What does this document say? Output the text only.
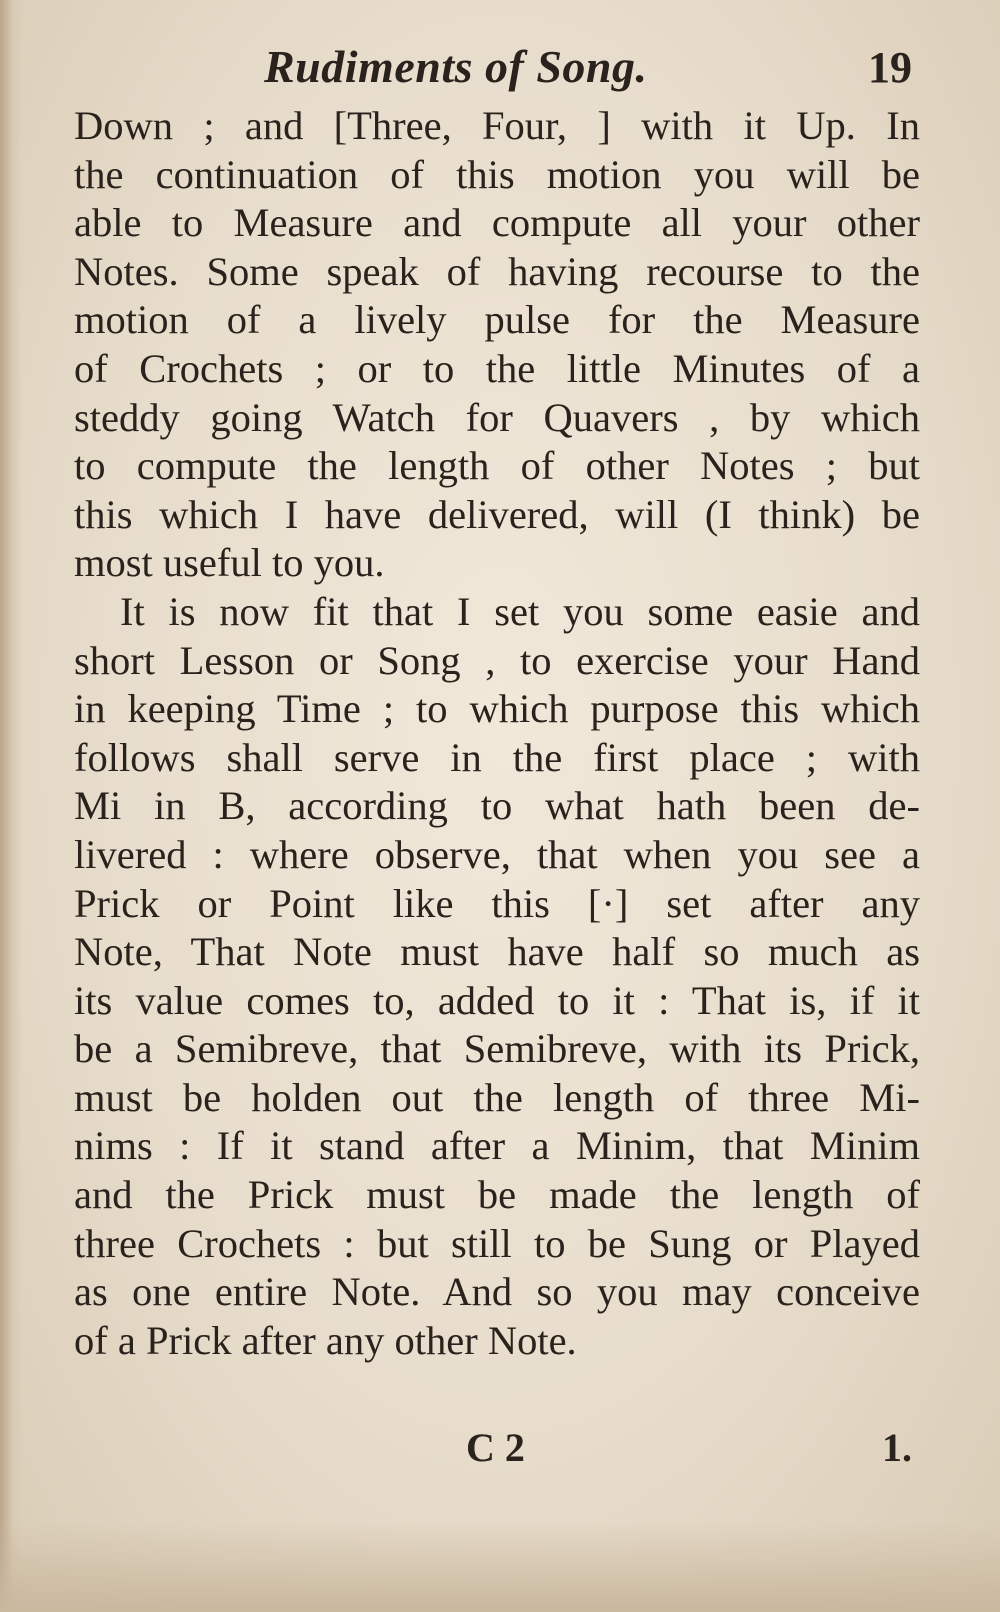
Rudiments of Song.	19
Down ; and [Three, Four, ] with it Up. In
the continuation of this motion you will be
able to Measure and compute all your other
Notes. Some speak of having recourse to the
motion of a lively pulse for the Measure
of Crochets ; or to the little Minutes of a
steddy going Watch for Quavers , by which
to compute the length of other Notes ; but
this which I have delivered, will (I think) be
most useful to you.
It is now fit that I set you some easie and
short Lesson or Song , to exercise your Hand
in keeping Time ; to which purpose this which
follows shall serve in the first place ; with
Mi in B, according to what hath been de-
livered : where observe, that when you see a
Prick or Point like this [·] set after any
Note, That Note must have half so much as
its value comes to, added to it : That is, if it
be a Semibreve, that Semibreve, with its Prick,
must be holden out the length of three Mi-
nims : If it stand after a Minim, that Minim
and the Prick must be made the length of
three Crochets : but still to be Sung or Played
as one entire Note. And so you may conceive
of a Prick after any other Note.
C 2	1.
